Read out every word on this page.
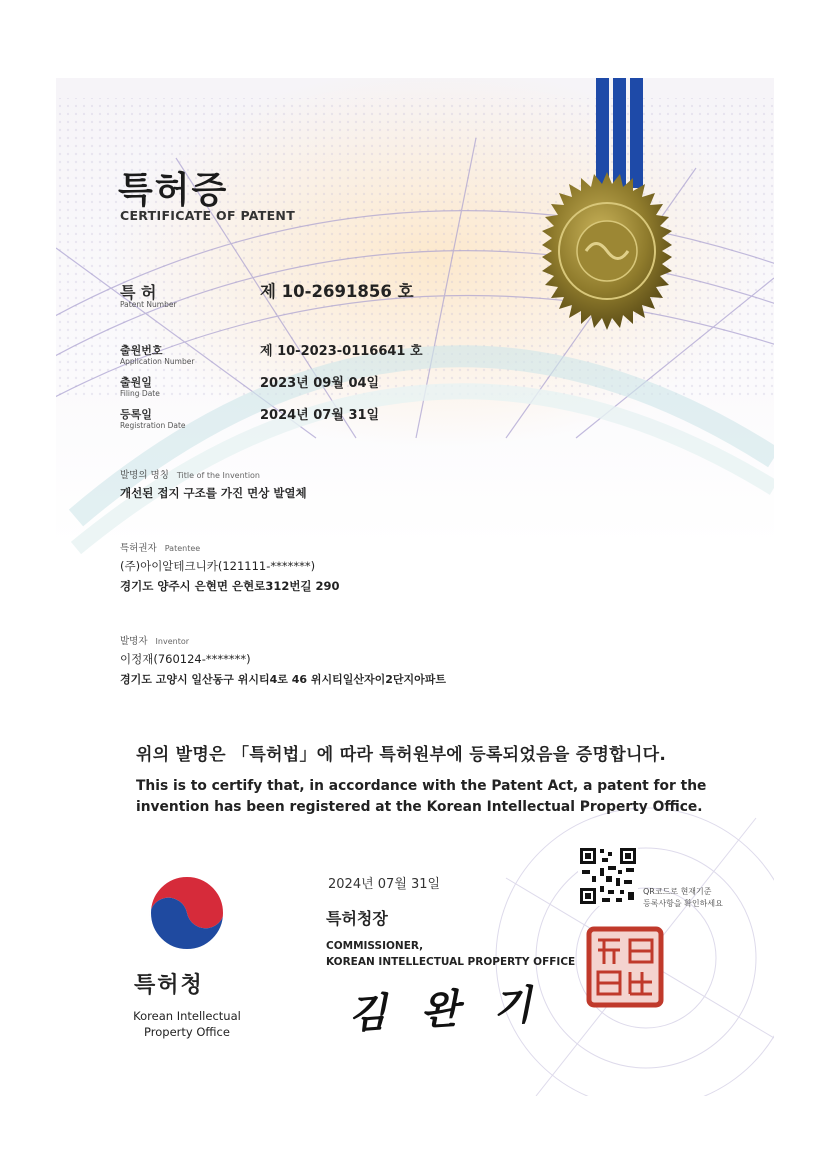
특허증
CERTIFICATE OF PATENT
특 허
Patent Number
제 10-2691856 호
출원번호
Application Number
제 10-2023-0116641 호
출원일
Filing Date
2023년 09월 04일
등록일
Registration Date
2024년 07월 31일
발명의 명칭 Title of the Invention
개선된 접지 구조를 가진 면상 발열체
특허권자 Patentee
(주)아이알테크니카(121111-*******)
경기도 양주시 은현면 은현로312번길 290
발명자 Inventor
이정재(760124-*******)
경기도 고양시 일산동구 위시티4로 46 위시티일산자이2단지아파트
위의 발명은 「특허법」에 따라 특허원부에 등록되었음을 증명합니다.
This is to certify that, in accordance with the Patent Act, a patent for the invention has been registered at the Korean Intellectual Property Office.
2024년 07월 31일
특허청장
COMMISSIONER,
KOREAN INTELLECTUAL PROPERTY OFFICE
김 완 기
QR코드로 현재기준
등록사항을 확인하세요
특허청
Korean Intellectual Property Office
